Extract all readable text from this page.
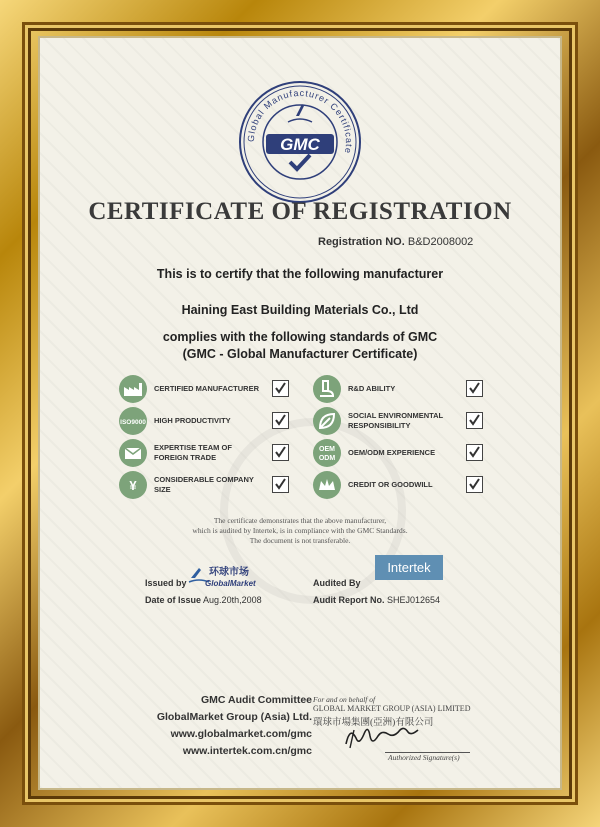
Global Manufacturer Certificate
GMC
CERTIFICATE OF REGISTRATION
Registration NO. B&D2008002
This is to certify that the following manufacturer
Haining East Building Materials Co., Ltd
complies with the following standards of GMC
(GMC - Global Manufacturer Certificate)
CERTIFIED MANUFACTURER
ISO9000 HIGH PRODUCTIVITY
EXPERTISE TEAM OF FOREIGN TRADE
¥ CONSIDERABLE COMPANY SIZE
R&D ABILITY
SOCIAL ENVIRONMENTAL RESPONSIBILITY
OEM
ODM
OEM/ODM EXPERIENCE
CREDIT OR GOODWILL
The certificate demonstrates that the above manufacturer,
which is audited by Intertek, is in compliance with the GMC Standards.
The document is not transferable.
Issued by
环球市场
GlobalMarket	Audited By
Intertek
Date of Issue Aug.20th,2008	Audit Report No. SHEJ012654
GMC Audit Committee
GlobalMarket Group (Asia) Ltd.
www.globalmarket.com/gmc
www.intertek.com.cn/gmc
For and on behalf of
GLOBAL MARKET GROUP (ASIA) LIMITED
環球市場集團(亞洲)有限公司
Authorized Signature(s)
